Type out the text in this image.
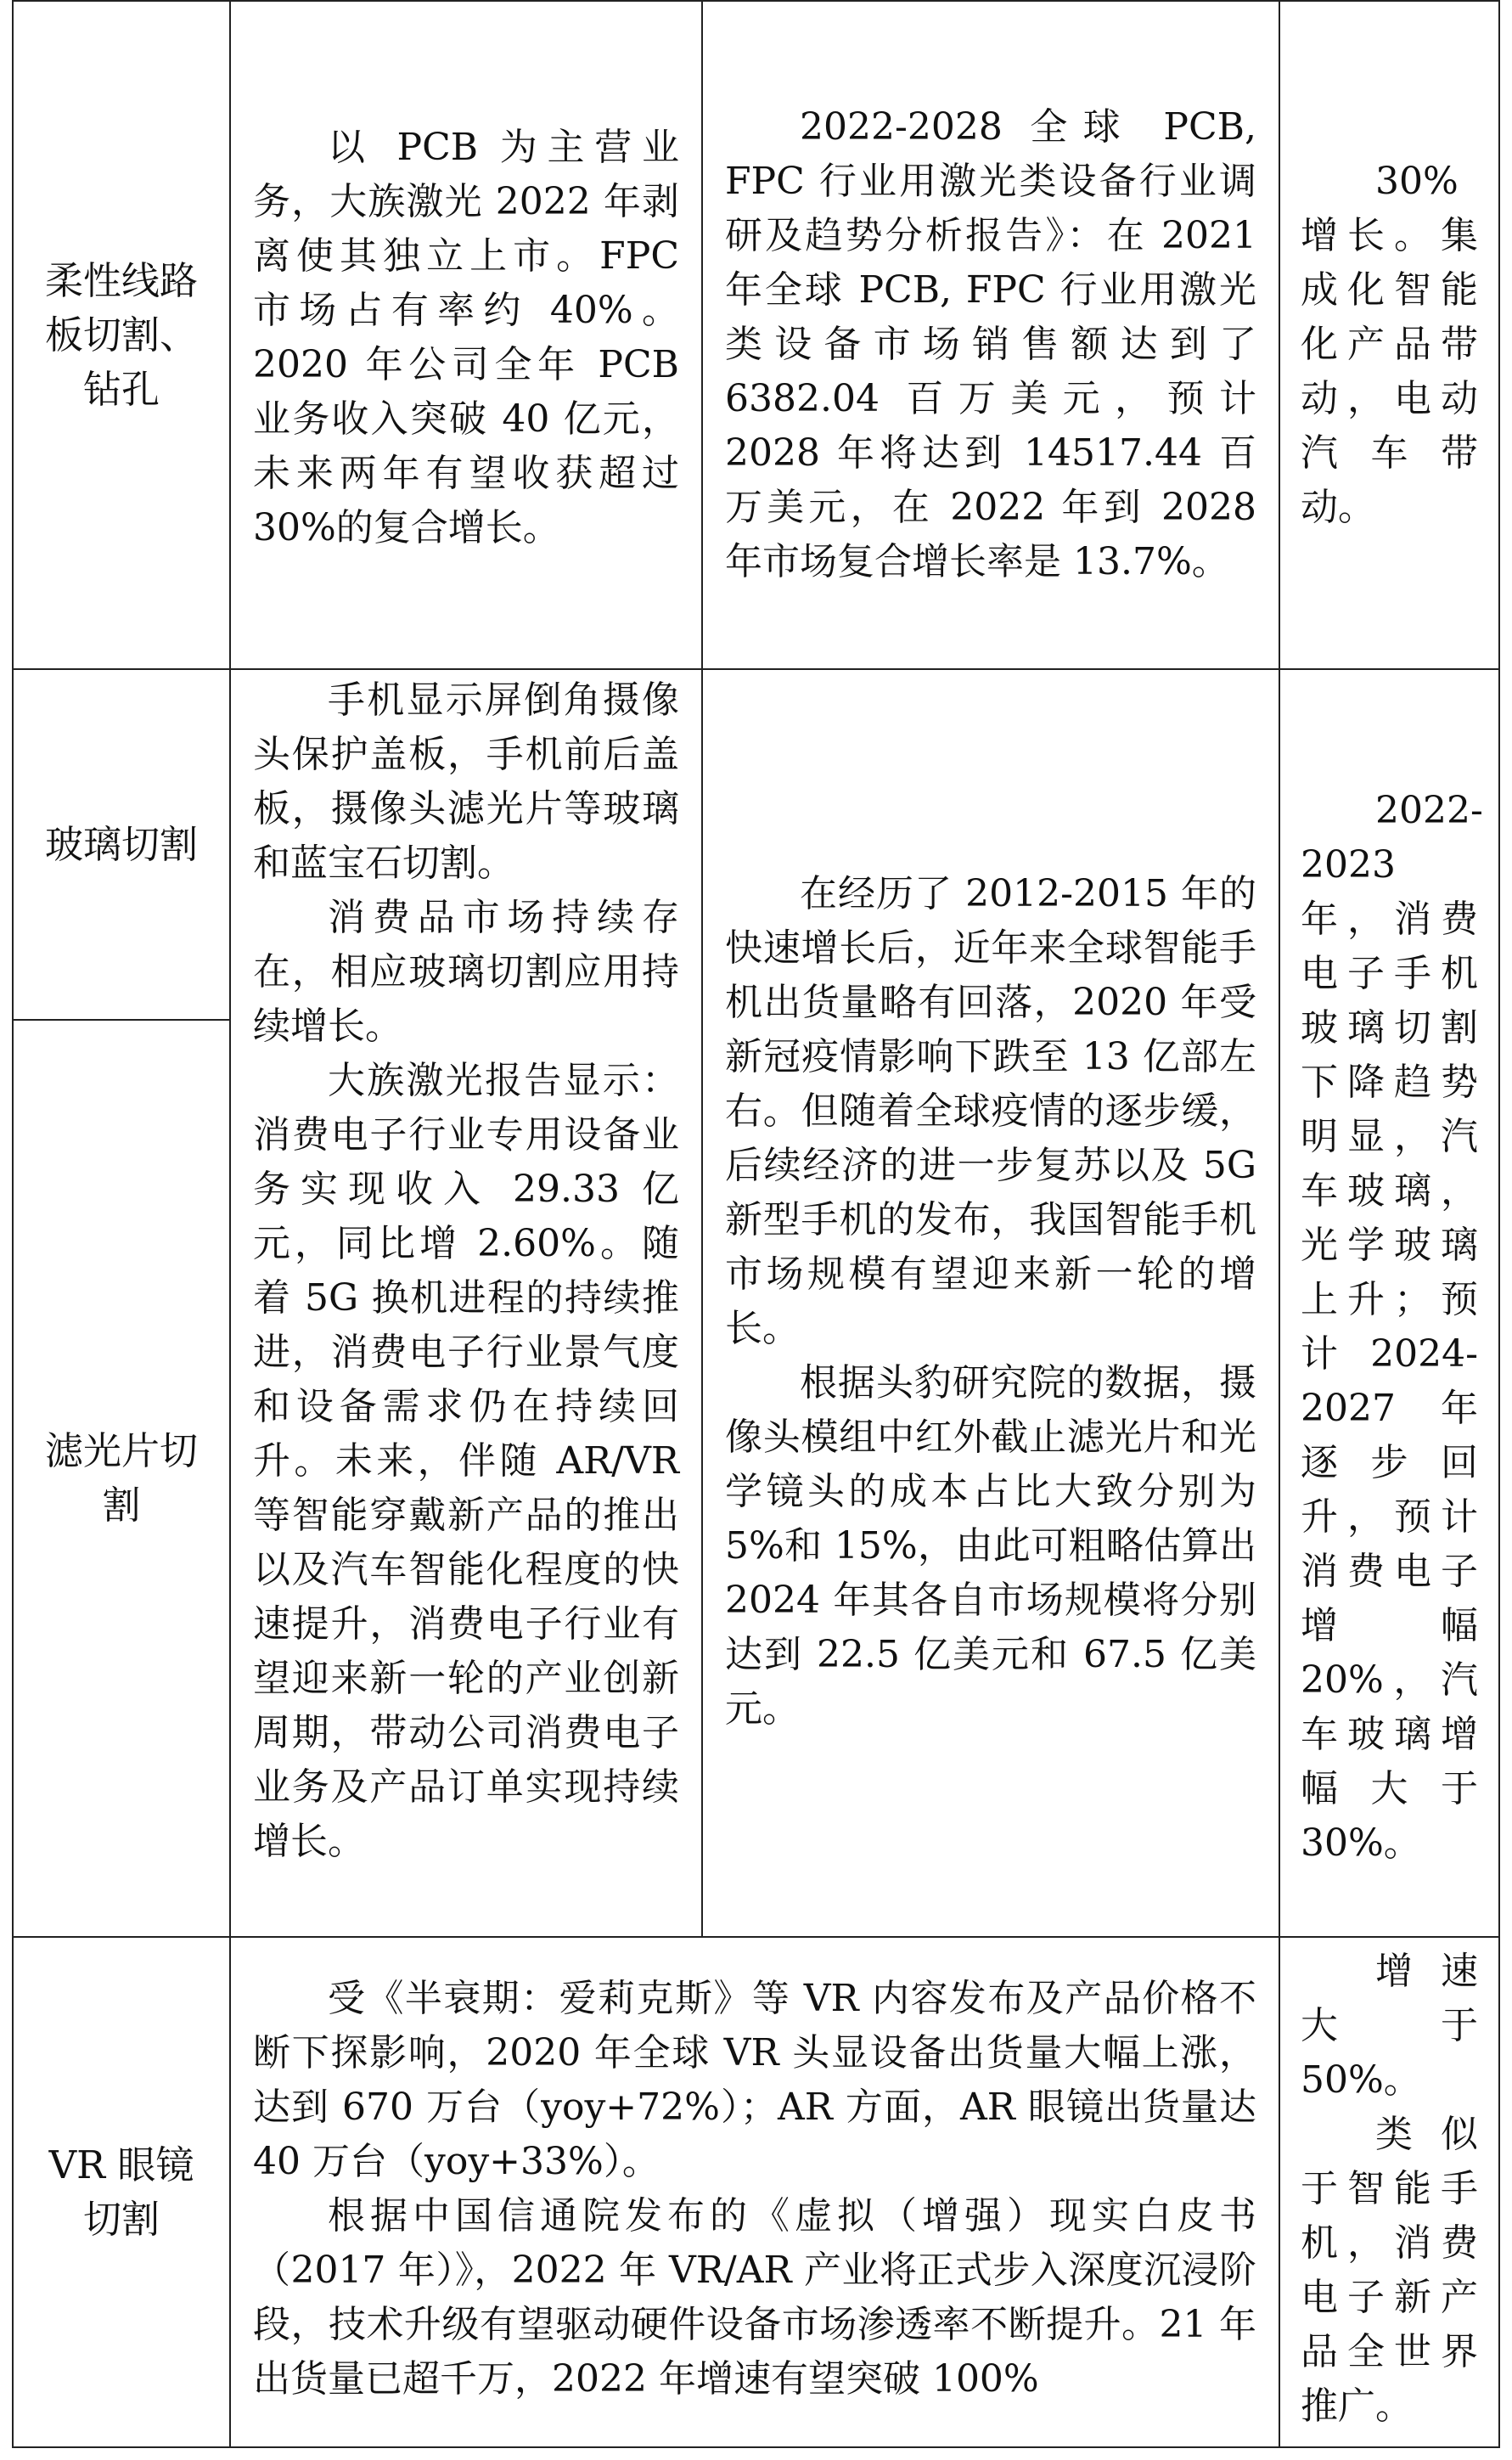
柔性线路板切割、钻孔

以 PCB 为主营业务，大族激光 2022 年剥离使其独立上市。FPC 市场占有率约 40%。2020 年公司全年 PCB 业务收入突破 40 亿元，未来两年有望收获超过 30%的复合增长。

2022-2028 全球 PCB, FPC 行业用激光类设备行业调研及趋势分析报告》：在 2021 年全球 PCB, FPC 行业用激光类设备市场销售额达到了 6382.04 百万美元，预计 2028 年将达到 14517.44 百万美元，在 2022 年到 2028 年市场复合增长率是 13.7%。

30%增长。集成化智能化产品带动，电动汽车带动。

玻璃切割
滤光片切割

手机显示屏倒角摄像头保护盖板，手机前后盖板，摄像头滤光片等玻璃和蓝宝石切割。

消费品市场持续存在，相应玻璃切割应用持续增长。

大族激光报告显示：消费电子行业专用设备业务实现收入 29.33 亿元，同比增 2.60%。随着 5G 换机进程的持续推进，消费电子行业景气度和设备需求仍在持续回升。未来，伴随 AR/VR 等智能穿戴新产品的推出以及汽车智能化程度的快速提升，消费电子行业有望迎来新一轮的产业创新周期，带动公司消费电子业务及产品订单实现持续增长。

在经历了 2012-2015 年的快速增长后，近年来全球智能手机出货量略有回落，2020 年受新冠疫情影响下跌至 13 亿部左右。但随着全球疫情的逐步缓，后续经济的进一步复苏以及 5G 新型手机的发布，我国智能手机市场规模有望迎来新一轮的增长。

根据头豹研究院的数据，摄像头模组中红外截止滤光片和光学镜头的成本占比大致分别为 5%和 15%，由此可粗略估算出 2024 年其各自市场规模将分别达到 22.5 亿美元和 67.5 亿美元。

2022-2023 年，消费电子手机玻璃切割下降趋势明显，汽车玻璃，光学玻璃上升；预计 2024-2027 年逐步回升，预计消费电子增幅 20%，汽车玻璃增幅大于 30%。

VR 眼镜切割

受《半衰期：爱莉克斯》等 VR 内容发布及产品价格不断下探影响，2020 年全球 VR 头显设备出货量大幅上涨，达到 670 万台（yoy+72%）；AR 方面，AR 眼镜出货量达 40 万台（yoy+33%）。

根据中国信通院发布的《虚拟（增强）现实白皮书（2017 年）》，2022 年 VR/AR 产业将正式步入深度沉浸阶段，技术升级有望驱动硬件设备市场渗透率不断提升。21 年出货量已超千万，2022 年增速有望突破 100%

增速大于 50%。

类似于智能手机，消费电子新产品全世界推广。
